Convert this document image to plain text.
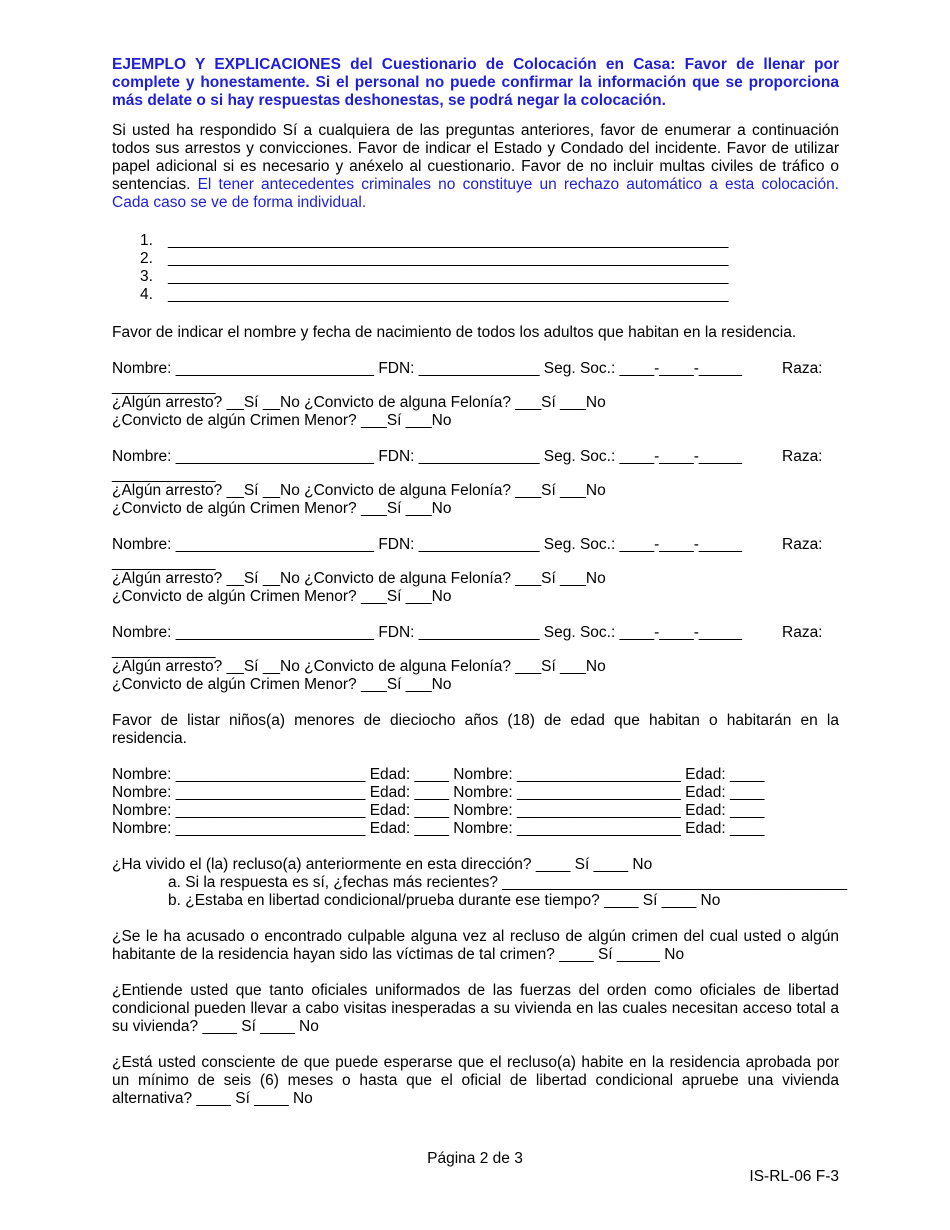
EJEMPLO Y EXPLICACIONES del Cuestionario de Colocación en Casa: Favor de llenar por complete y honestamente. Si el personal no puede confirmar la información que se proporciona más delate o si hay respuestas deshonestas, se podrá negar la colocación.

Si usted ha respondido Sí a cualquiera de las preguntas anteriores, favor de enumerar a continuación todos sus arrestos y convicciones. Favor de indicar el Estado y Condado del incidente. Favor de utilizar papel adicional si es necesario y anéxelo al cuestionario. Favor de no incluir multas civiles de tráfico o sentencias. El tener antecedentes criminales no constituye un rechazo automático a esta colocación. Cada caso se ve de forma individual.

1. _________________________________________________________________
2. _________________________________________________________________
3. _________________________________________________________________
4. _________________________________________________________________

Favor de indicar el nombre y fecha de nacimiento de todos los adultos que habitan en la residencia.

Nombre: _______________________ FDN: ______________ Seg. Soc.: ____-____-_____	Raza:
____________
¿Algún arresto? __Sí __No ¿Convicto de alguna Felonía? ___Sí ___No
¿Convicto de algún Crimen Menor? ___Sí ___No
Nombre: _______________________ FDN: ______________ Seg. Soc.: ____-____-_____	Raza:
____________
¿Algún arresto? __Sí __No ¿Convicto de alguna Felonía? ___Sí ___No
¿Convicto de algún Crimen Menor? ___Sí ___No
Nombre: _______________________ FDN: ______________ Seg. Soc.: ____-____-_____	Raza:
____________
¿Algún arresto? __Sí __No ¿Convicto de alguna Felonía? ___Sí ___No
¿Convicto de algún Crimen Menor? ___Sí ___No
Nombre: _______________________ FDN: ______________ Seg. Soc.: ____-____-_____	Raza:
____________
¿Algún arresto? __Sí __No ¿Convicto de alguna Felonía? ___Sí ___No
¿Convicto de algún Crimen Menor? ___Sí ___No

Favor de listar niños(a) menores de dieciocho años (18) de edad que habitan o habitarán en la residencia.

Nombre: ______________________ Edad: ____ Nombre: ___________________ Edad: ____
Nombre: ______________________ Edad: ____ Nombre: ___________________ Edad: ____
Nombre: ______________________ Edad: ____ Nombre: ___________________ Edad: ____
Nombre: ______________________ Edad: ____ Nombre: ___________________ Edad: ____
¿Ha vivido el (la) recluso(a) anteriormente en esta dirección? ____ Sí ____ No
a. Si la respuesta es sí, ¿fechas más recientes? ________________________________________
b. ¿Estaba en libertad condicional/prueba durante ese tiempo? ____ Sí ____ No

¿Se le ha acusado o encontrado culpable alguna vez al recluso de algún crimen del cual usted o algún habitante de la residencia hayan sido las víctimas de tal crimen? ____ Sí _____ No

¿Entiende usted que tanto oficiales uniformados de las fuerzas del orden como oficiales de libertad condicional pueden llevar a cabo visitas inesperadas a su vivienda en las cuales necesitan acceso total a su vivienda? ____ Sí ____ No

¿Está usted consciente de que puede esperarse que el recluso(a) habite en la residencia aprobada por un mínimo de seis (6) meses o hasta que el oficial de libertad condicional apruebe una vivienda alternativa? ____ Sí ____ No

Página 2 de 3
IS-RL-06 F-3
